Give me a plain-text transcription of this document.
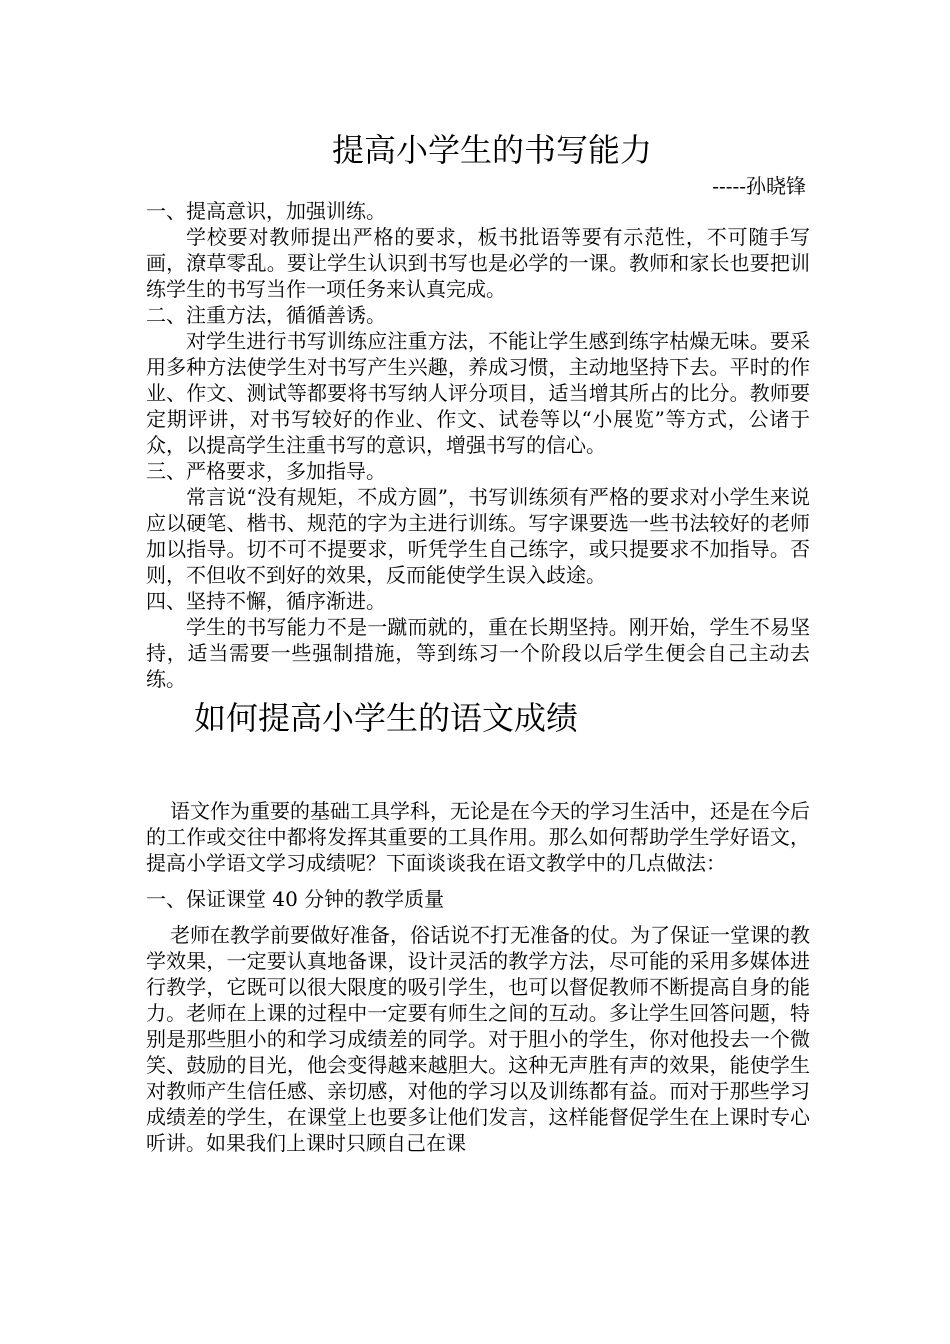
提高小学生的书写能力
-----孙晓锋
一、提高意识，加强训练。
学校要对教师提出严格的要求，板书批语等要有示范性，不可随手写画，潦草零乱。要让学生认识到书写也是必学的一课。教师和家长也要把训练学生的书写当作一项任务来认真完成。
二、注重方法，循循善诱。
对学生进行书写训练应注重方法，不能让学生感到练字枯燥无味。要采用多种方法使学生对书写产生兴趣，养成习惯，主动地坚持下去。平时的作业、作文、测试等都要将书写纳人评分项目，适当增其所占的比分。教师要定期评讲，对书写较好的作业、作文、试卷等以“小展览”等方式，公诸于众，以提高学生注重书写的意识，增强书写的信心。
三、严格要求，多加指导。
常言说“没有规矩，不成方圆”，书写训练须有严格的要求对小学生来说应以硬笔、楷书、规范的字为主进行训练。写字课要选一些书法较好的老师加以指导。切不可不提要求，听凭学生自己练字，或只提要求不加指导。否则，不但收不到好的效果，反而能使学生误入歧途。
四、坚持不懈，循序渐进。
学生的书写能力不是一蹴而就的，重在长期坚持。刚开始，学生不易坚持，适当需要一些强制措施，等到练习一个阶段以后学生便会自己主动去练。
如何提高小学生的语文成绩
语文作为重要的基础工具学科，无论是在今天的学习生活中，还是在今后的工作或交往中都将发挥其重要的工具作用。那么如何帮助学生学好语文，提高小学语文学习成绩呢？下面谈谈我在语文教学中的几点做法：
一、保证课堂 40 分钟的教学质量
老师在教学前要做好准备，俗话说不打无准备的仗。为了保证一堂课的教学效果，一定要认真地备课，设计灵活的教学方法，尽可能的采用多媒体进行教学，它既可以很大限度的吸引学生，也可以督促教师不断提高自身的能力。老师在上课的过程中一定要有师生之间的互动。多让学生回答问题，特别是那些胆小的和学习成绩差的同学。对于胆小的学生，你对他投去一个微笑、鼓励的目光，他会变得越来越胆大。这种无声胜有声的效果，能使学生对教师产生信任感、亲切感，对他的学习以及训练都有益。而对于那些学习成绩差的学生，在课堂上也要多让他们发言，这样能督促学生在上课时专心听讲。如果我们上课时只顾自己在课
